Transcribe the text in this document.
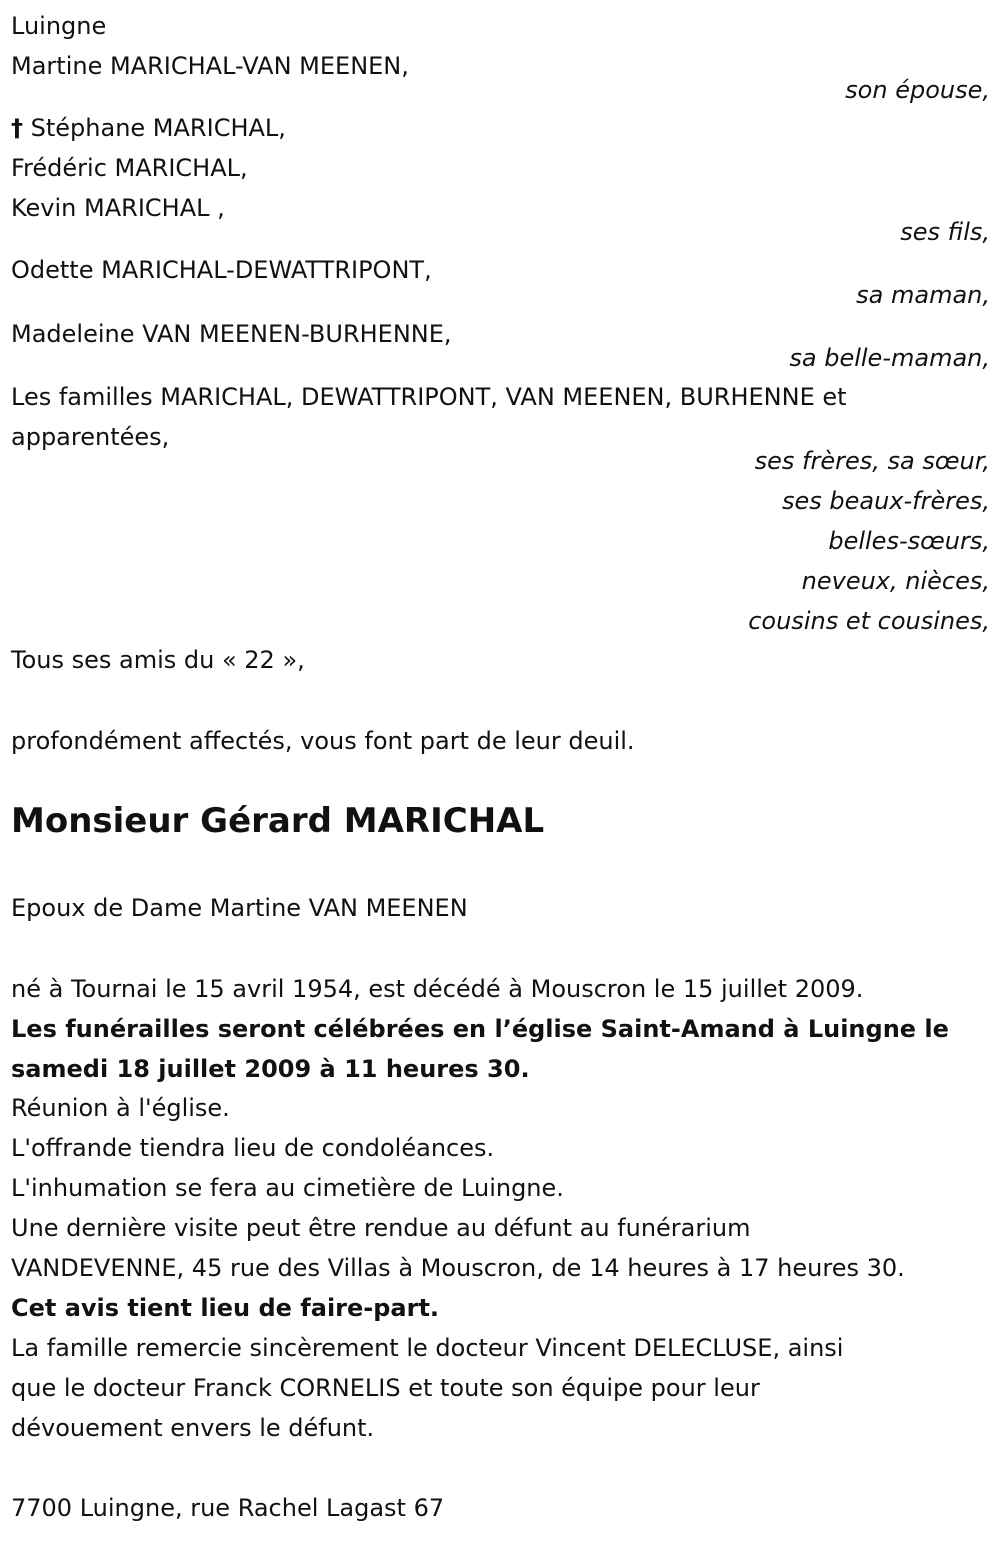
Luingne
Martine MARICHAL-VAN MEENEN,
son épouse,
† Stéphane MARICHAL,
Frédéric MARICHAL,
Kevin MARICHAL ,
ses fils,
Odette MARICHAL-DEWATTRIPONT,
sa maman,
Madeleine VAN MEENEN-BURHENNE,
sa belle-maman,
Les familles MARICHAL, DEWATTRIPONT, VAN MEENEN, BURHENNE et
apparentées,
ses frères, sa sœur,
ses beaux-frères,
belles-sœurs,
neveux, nièces,
cousins et cousines,
Tous ses amis du « 22 »,
profondément affectés, vous font part de leur deuil.
Monsieur Gérard MARICHAL
Epoux de Dame Martine VAN MEENEN
né à Tournai le 15 avril 1954, est décédé à Mouscron le 15 juillet 2009.
Les funérailles seront célébrées en l’église Saint-Amand à Luingne le
samedi 18 juillet 2009 à 11 heures 30.
Réunion à l'église.
L'offrande tiendra lieu de condoléances.
L'inhumation se fera au cimetière de Luingne.
Une dernière visite peut être rendue au défunt au funérarium
VANDEVENNE, 45 rue des Villas à Mouscron, de 14 heures à 17 heures 30.
Cet avis tient lieu de faire-part.
La famille remercie sincèrement le docteur Vincent DELECLUSE, ainsi
que le docteur Franck CORNELIS et toute son équipe pour leur
dévouement envers le défunt.
7700 Luingne, rue Rachel Lagast 67
